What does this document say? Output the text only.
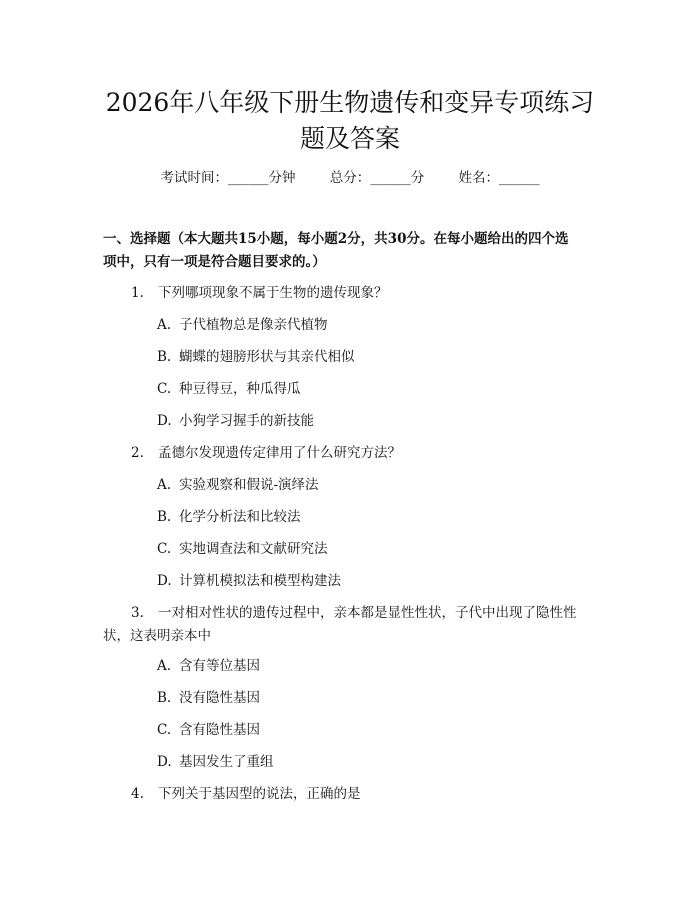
2026年八年级下册生物遗传和变异专项练习
题及答案
考试时间：______分钟	总分：______分	姓名：______
一、选择题（本大题共15小题，每小题2分，共30分。在每小题给出的四个选
项中，只有一项是符合题目要求的。）
1. 下列哪项现象不属于生物的遗传现象？
A. 子代植物总是像亲代植物
B. 蝴蝶的翅膀形状与其亲代相似
C. 种豆得豆，种瓜得瓜
D. 小狗学习握手的新技能
2. 孟德尔发现遗传定律用了什么研究方法？
A. 实验观察和假说-演绎法
B. 化学分析法和比较法
C. 实地调查法和文献研究法
D. 计算机模拟法和模型构建法
3. 一对相对性状的遗传过程中，亲本都是显性性状，子代中出现了隐性性
状，这表明亲本中
A. 含有等位基因
B. 没有隐性基因
C. 含有隐性基因
D. 基因发生了重组
4. 下列关于基因型的说法，正确的是
